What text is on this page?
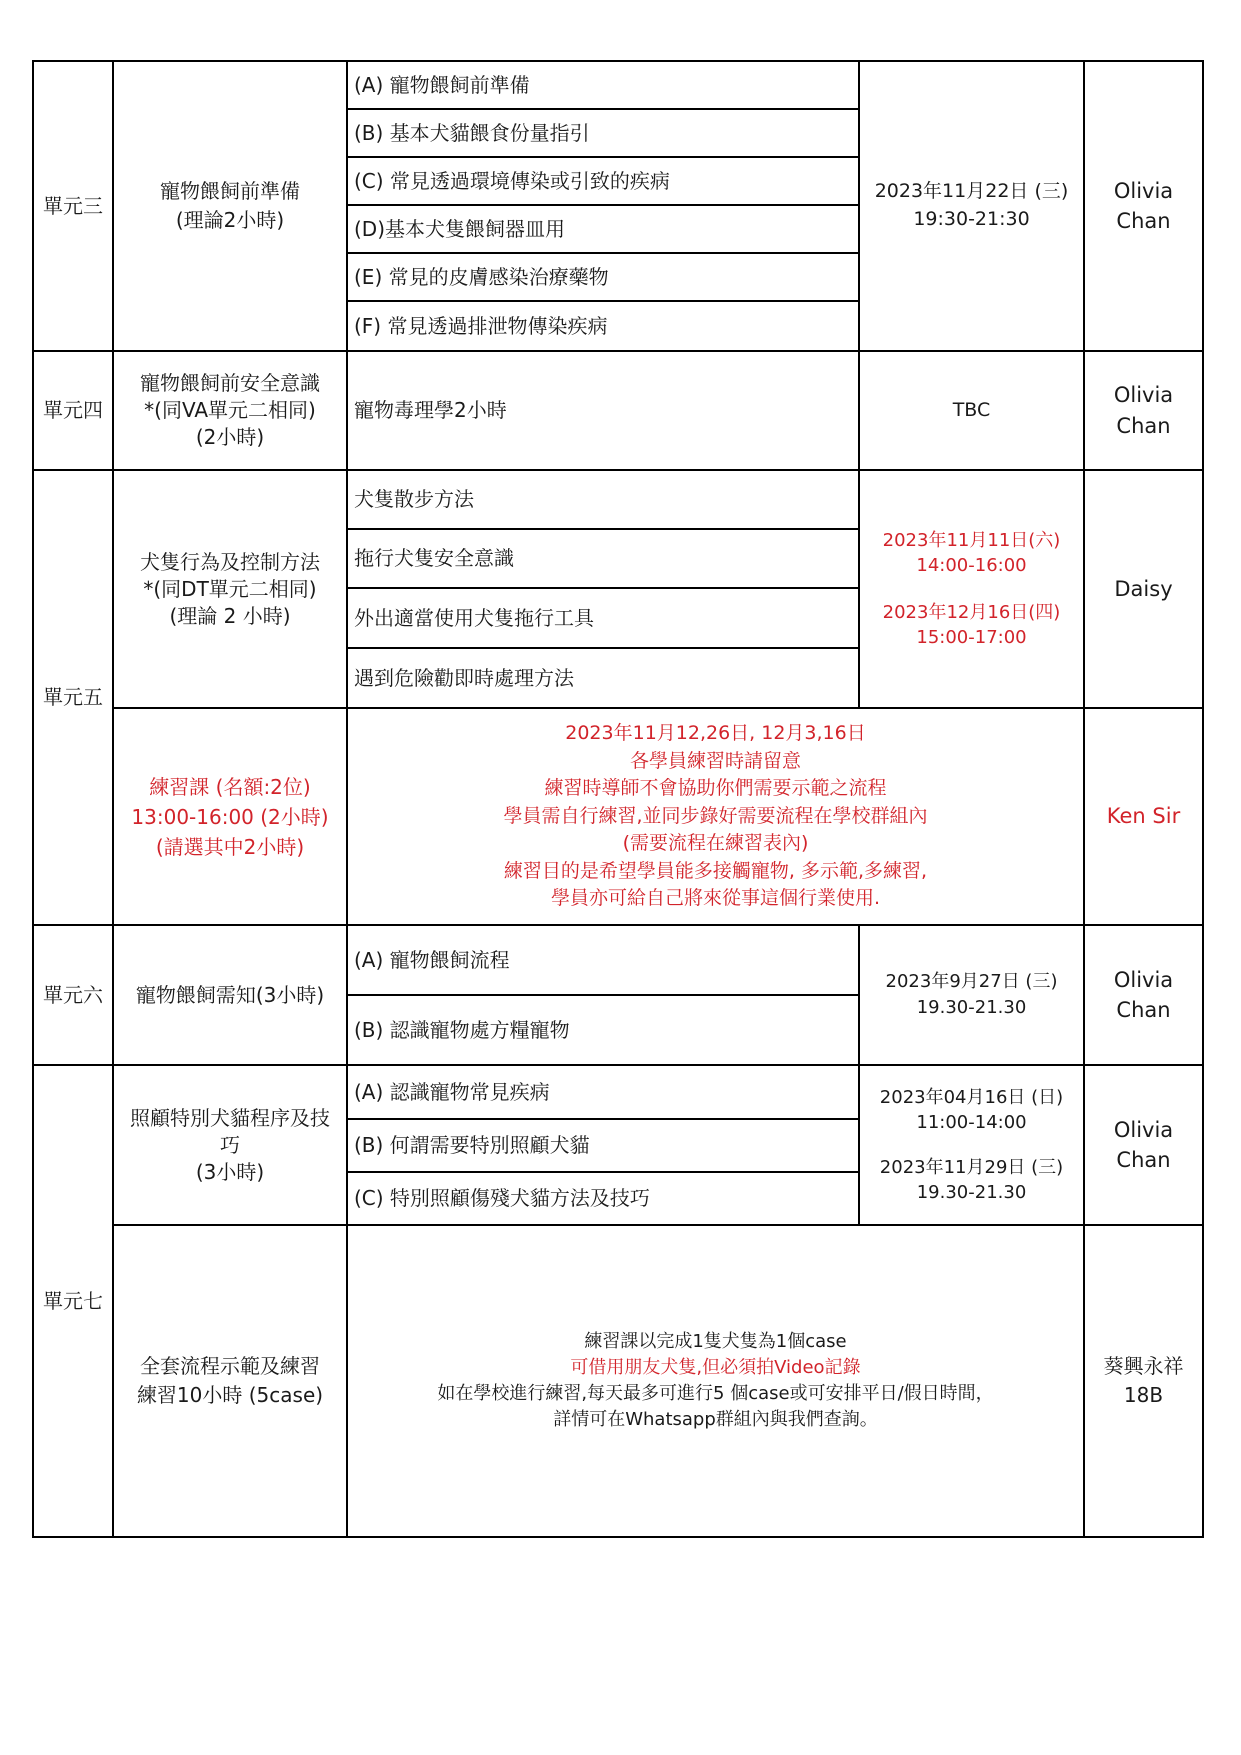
單元三
寵物餵飼前準備
(理論2小時)
(A) 寵物餵飼前準備
(B) 基本犬貓餵食份量指引
(C) 常見透過環境傳染或引致的疾病
(D)基本犬隻餵飼器皿用
(E) 常見的皮膚感染治療藥物
(F) 常見透過排泄物傳染疾病
2023年11月22日 (三)
19:30-21:30
Olivia
Chan
單元四
寵物餵飼前安全意識
*(同VA單元二相同)
(2小時)
寵物毒理學2小時	TBC
Olivia
Chan
單元五
犬隻行為及控制方法
*(同DT單元二相同)
(理論 2 小時)
犬隻散步方法
拖行犬隻安全意識
外出適當使用犬隻拖行工具
遇到危險勸即時處理方法
2023年11月11日(六)
14:00-16:00
2023年12月16日(四)
15:00-17:00
Daisy
練習課 (名額:2位)
13:00-16:00 (2小時)
(請選其中2小時)
2023年11月12,26日, 12月3,16日
各學員練習時請留意
練習時導師不會協助你們需要示範之流程
學員需自行練習,並同步錄好需要流程在學校群組內
(需要流程在練習表內)
練習目的是希望學員能多接觸寵物, 多示範,多練習,
學員亦可給自己將來從事這個行業使用.
Ken Sir
單元六	寵物餵飼需知(3小時)
(A) 寵物餵飼流程
(B) 認識寵物處方糧寵物
2023年9月27日 (三)
19.30-21.30
Olivia
Chan
單元七
照顧特別犬貓程序及技
巧
(3小時)
(A) 認識寵物常見疾病
(B) 何謂需要特別照顧犬貓
(C) 特別照顧傷殘犬貓方法及技巧
2023年04月16日 (日)
11:00-14:00
2023年11月29日 (三)
19.30-21.30
Olivia
Chan
全套流程示範及練習
練習10小時 (5case)
練習課以完成1隻犬隻為1個case
可借用朋友犬隻,但必須拍Video記錄
如在學校進行練習,每天最多可進行5 個case或可安排平日/假日時間，
詳情可在Whatsapp群組內與我們查詢。
葵興永祥
18B
